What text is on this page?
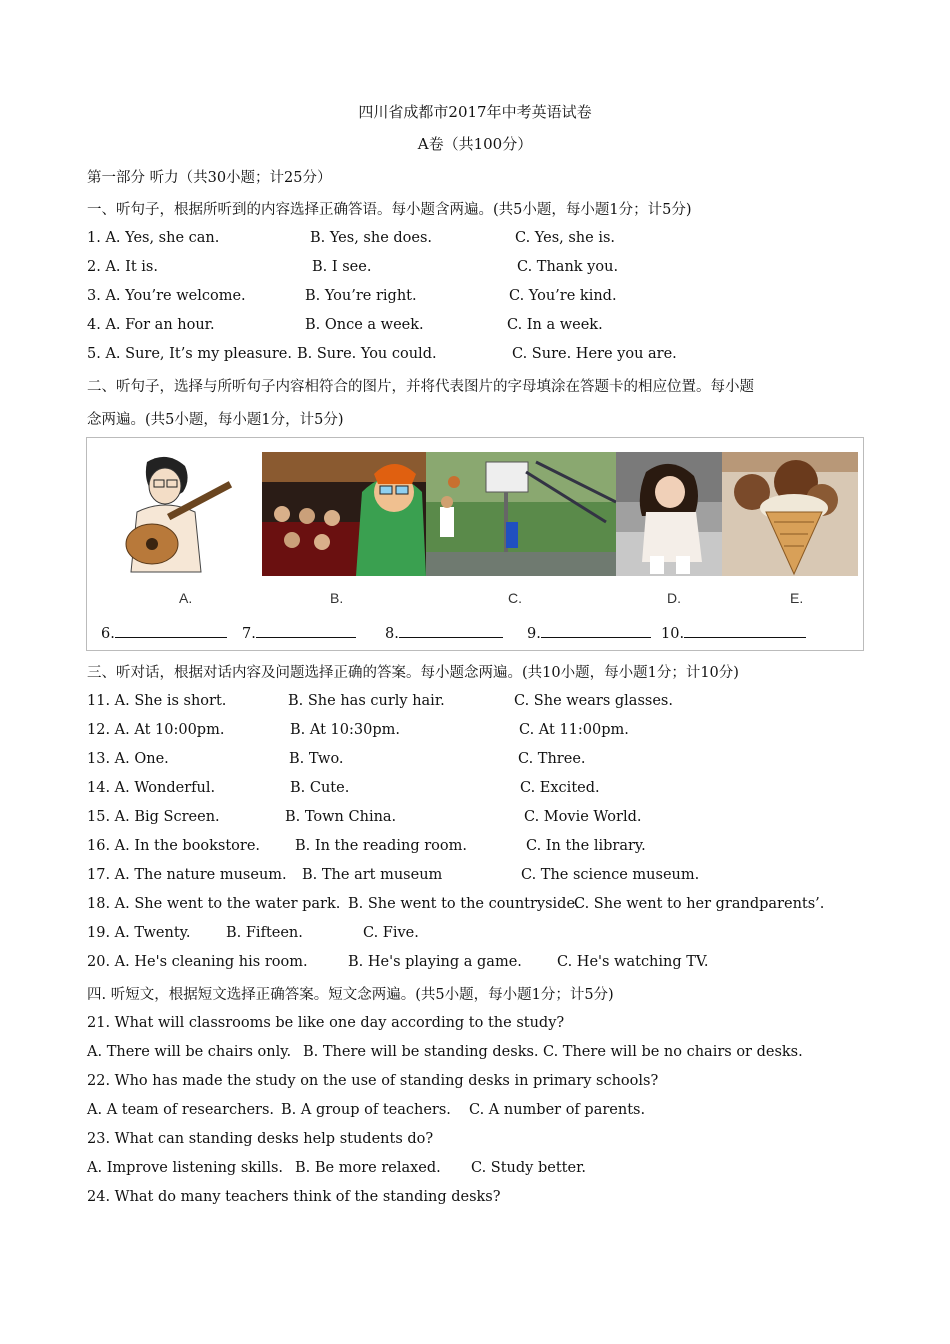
四川省成都市2017年中考英语试卷
A卷（共100分）
第一部分 听力（共30小题；计25分）
一、听句子，根据所听到的内容选择正确答语。每小题含两遍。(共5小题，每小题1分；计5分)
1. A. Yes, she can.	B. Yes, she does.	C. Yes, she is.
2. A. It is.	B. I see.	C. Thank you.
3. A. You’re welcome.	B. You’re right.	C. You’re kind.
4. A. For an hour.	B. Once a week.	C. In a week.
5. A. Sure, It’s my pleasure. B. Sure. You could.	C. Sure. Here you are.
二、听句子，选择与所听句子内容相符合的图片，并将代表图片的字母填涂在答题卡的相应位置。每小题
念两遍。(共5小题，每小题1分，计5分)
A.	B.	C.	D.	E.
6.	7.	8.	9.	10.
三、听对话，根据对话内容及问题选择正确的答案。每小题念两遍。(共10小题，每小题1分；计10分)
11. A. She is short.	B. She has curly hair.	C. She wears glasses.
12. A. At 10:00pm.	B. At 10:30pm.	C. At 11:00pm.
13. A. One.	B. Two.	C. Three.
14. A. Wonderful.	B. Cute.	C. Excited.
15. A. Big Screen.	B. Town China.	C. Movie World.
16. A. In the bookstore. B. In the reading room.	C. In the library.
17. A. The nature museum. B. The art museum	C. The science museum.
18. A. She went to the water park. B. She went to the countryside.
C. She went to her grandparents’.
19. A. Twenty. B. Fifteen.	C. Five.
20. A. He's cleaning his room.	B. He's playing a game. C. He's watching TV.
四. 听短文，根据短文选择正确答案。短文念两遍。(共5小题，每小题1分；计5分)
21. What will classrooms be like one day according to the study?
A. There will be chairs only. B. There will be standing desks. C. There will be no chairs or desks.
22. Who has made the study on the use of standing desks in primary schools?
A. A team of researchers. B. A group of teachers. C. A number of parents.
23. What can standing desks help students do?
A. Improve listening skills. B. Be more relaxed. C. Study better.
24. What do many teachers think of the standing desks?
